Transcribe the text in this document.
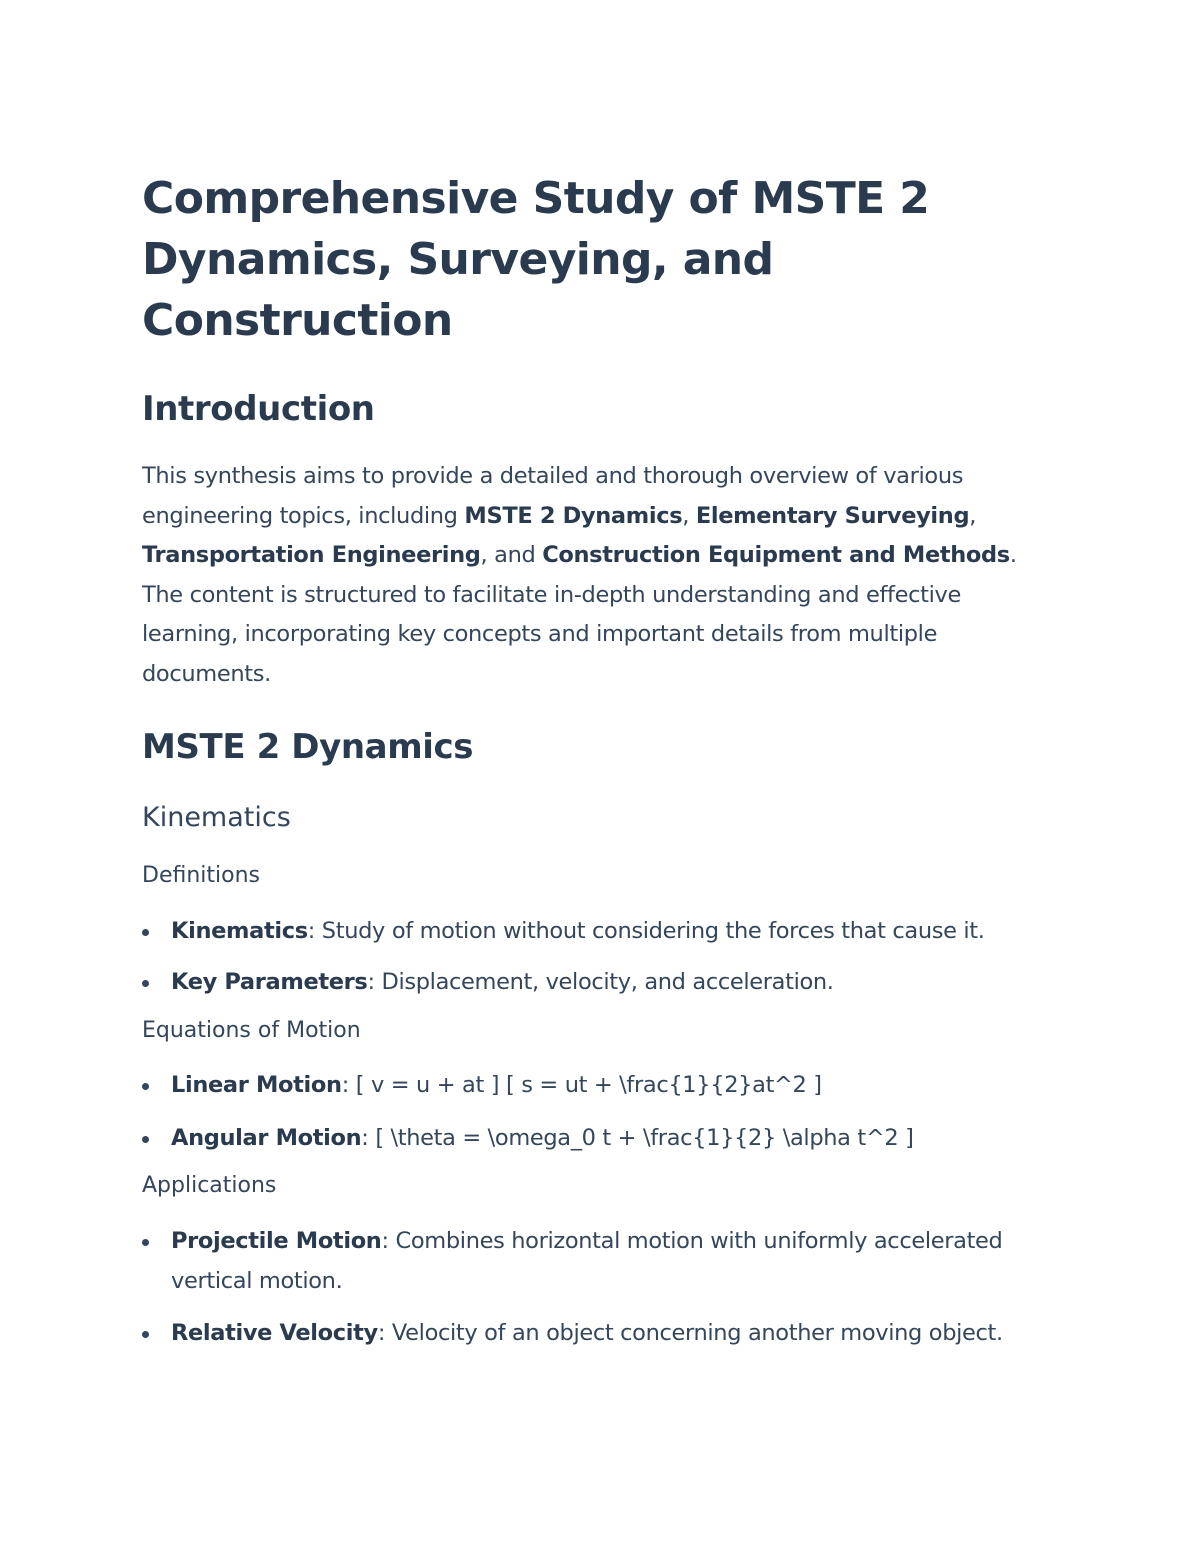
Comprehensive Study of MSTE 2
Dynamics, Surveying, and Construction
Introduction

This synthesis aims to provide a detailed and thorough overview of various engineering topics, including MSTE 2 Dynamics, Elementary Surveying, Transportation Engineering, and Construction Equipment and Methods. The content is structured to facilitate in-depth understanding and effective learning, incorporating key concepts and important details from multiple documents.

MSTE 2 Dynamics
Kinematics
Definitions
Kinematics: Study of motion without considering the forces that cause it.
Key Parameters: Displacement, velocity, and acceleration.
Equations of Motion
Linear Motion: [ v = u + at ] [ s = ut + \frac{1}{2}at^2 ]
Angular Motion: [ \theta = \omega_0 t + \frac{1}{2} \alpha t^2 ]
Applications
Projectile Motion: Combines horizontal motion with uniformly accelerated vertical motion.
Relative Velocity: Velocity of an object concerning another moving object.
